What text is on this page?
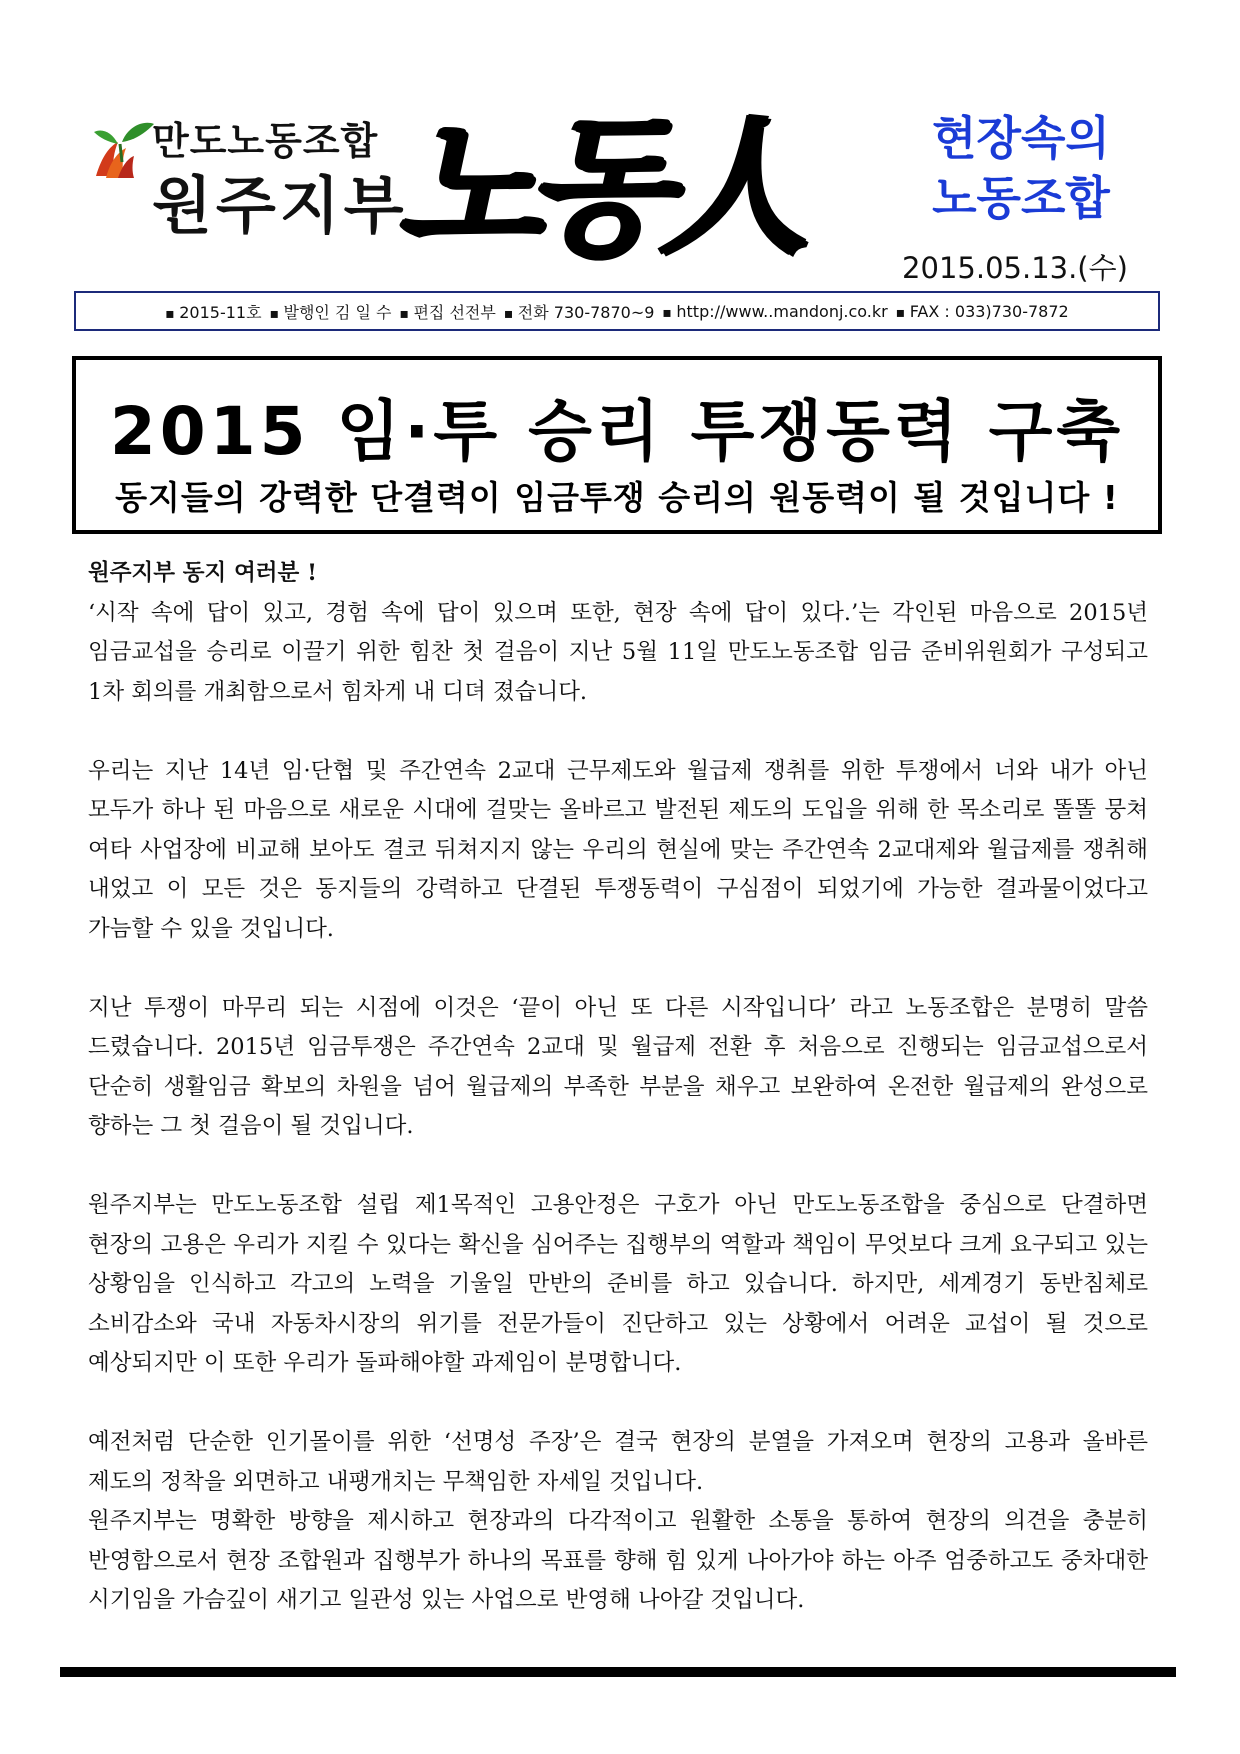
만도노동조합
원주지부
노동人	현장속의
노동조합
2015.05.13.(수)
▪ 2015-11호	▪ 발행인 김 일 수	▪ 편집 선전부	▪ 전화 730-7870~9	▪ http://www..mandonj.co.kr	▪ FAX : 033)730-7872
2015 임·투 승리 투쟁동력 구축
동지들의 강력한 단결력이 임금투쟁 승리의 원동력이 될 것입니다 !

원주지부 동지 여러분 !

‘시작 속에 답이 있고, 경험 속에 답이 있으며 또한, 현장 속에 답이 있다.’는 각인된 마음으로 2015년 임금교섭을 승리로 이끌기 위한 힘찬 첫 걸음이 지난 5월 11일 만도노동조합 임금 준비위원회가 구성되고 1차 회의를 개최함으로서 힘차게 내 디뎌 졌습니다.

우리는 지난 14년 임·단협 및 주간연속 2교대 근무제도와 월급제 쟁취를 위한 투쟁에서 너와 내가 아닌 모두가 하나 된 마음으로 새로운 시대에 걸맞는 올바르고 발전된 제도의 도입을 위해 한 목소리로 똘똘 뭉쳐 여타 사업장에 비교해 보아도 결코 뒤쳐지지 않는 우리의 현실에 맞는 주간연속 2교대제와 월급제를 쟁취해 내었고 이 모든 것은 동지들의 강력하고 단결된 투쟁동력이 구심점이 되었기에 가능한 결과물이었다고 가늠할 수 있을 것입니다.

지난 투쟁이 마무리 되는 시점에 이것은 ‘끝이 아닌 또 다른 시작입니다’ 라고 노동조합은 분명히 말씀 드렸습니다. 2015년 임금투쟁은 주간연속 2교대 및 월급제 전환 후 처음으로 진행되는 임금교섭으로서 단순히 생활임금 확보의 차원을 넘어 월급제의 부족한 부분을 채우고 보완하여 온전한 월급제의 완성으로 향하는 그 첫 걸음이 될 것입니다.

원주지부는 만도노동조합 설립 제1목적인 고용안정은 구호가 아닌 만도노동조합을 중심으로 단결하면 현장의 고용은 우리가 지킬 수 있다는 확신을 심어주는 집행부의 역할과 책임이 무엇보다 크게 요구되고 있는 상황임을 인식하고 각고의 노력을 기울일 만반의 준비를 하고 있습니다. 하지만, 세계경기 동반침체로 소비감소와 국내 자동차시장의 위기를 전문가들이 진단하고 있는 상황에서 어려운 교섭이 될 것으로 예상되지만 이 또한 우리가 돌파해야할 과제임이 분명합니다.

예전처럼 단순한 인기몰이를 위한 ‘선명성 주장’은 결국 현장의 분열을 가져오며 현장의 고용과 올바른 제도의 정착을 외면하고 내팽개치는 무책임한 자세일 것입니다.

원주지부는 명확한 방향을 제시하고 현장과의 다각적이고 원활한 소통을 통하여 현장의 의견을 충분히 반영함으로서 현장 조합원과 집행부가 하나의 목표를 향해 힘 있게 나아가야 하는 아주 엄중하고도 중차대한 시기임을 가슴깊이 새기고 일관성 있는 사업으로 반영해 나아갈 것입니다.
